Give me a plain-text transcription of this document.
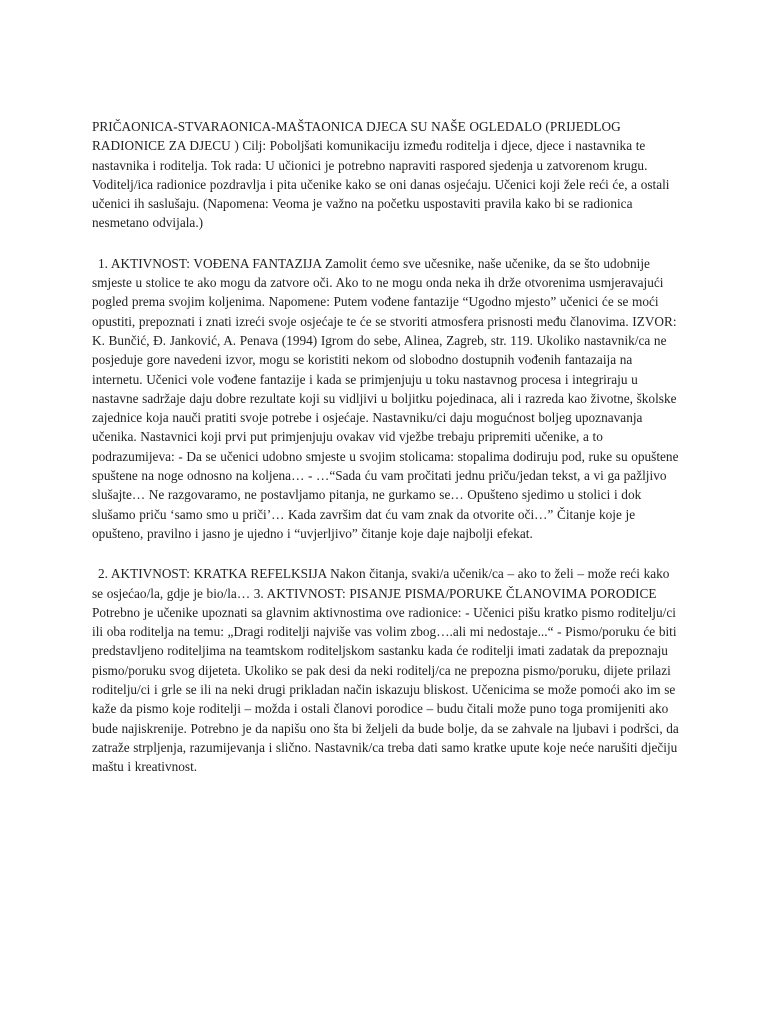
PRIČAONICA-STVARAONICA-MAŠTAONICA DJECA SU NAŠE OGLEDALO (PRIJEDLOG RADIONICE ZA DJECU ) Cilj: Poboljšati komunikaciju između roditelja i djece, djece i nastavnika te nastavnika i roditelja. Tok rada: U učionici je potrebno napraviti raspored sjedenja u zatvorenom krugu. Voditelj/ica radionice pozdravlja i pita učenike kako se oni danas osjećaju. Učenici koji žele reći će, a ostali učenici ih saslušaju. (Napomena: Veoma je važno na početku uspostaviti pravila kako bi se radionica nesmetano odvijala.)

1. AKTIVNOST: VOĐENA FANTAZIJA Zamolit ćemo sve učesnike, naše učenike, da se što udobnije smjeste u stolice te ako mogu da zatvore oči. Ako to ne mogu onda neka ih drže otvorenima usmjeravajući pogled prema svojim koljenima. Napomene: Putem vođene fantazije “Ugodno mjesto” učenici će se moći opustiti, prepoznati i znati izreći svoje osjećaje te će se stvoriti atmosfera prisnosti među članovima. IZVOR: K. Bunčić, Đ. Janković, A. Penava (1994) Igrom do sebe, Alinea, Zagreb, str. 119. Ukoliko nastavnik/ca ne posjeduje gore navedeni izvor, mogu se koristiti nekom od slobodno dostupnih vođenih fantazaija na internetu. Učenici vole vođene fantazije i kada se primjenjuju u toku nastavnog procesa i integriraju u nastavne sadržaje daju dobre rezultate koji su vidljivi u boljitku pojedinaca, ali i razreda kao životne, školske zajednice koja nauči pratiti svoje potrebe i osjećaje. Nastavniku/ci daju mogućnost boljeg upoznavanja učenika. Nastavnici koji prvi put primjenjuju ovakav vid vježbe trebaju pripremiti učenike, a to podrazumijeva: - Da se učenici udobno smjeste u svojim stolicama: stopalima dodiruju pod, ruke su opuštene spuštene na noge odnosno na koljena… - …“Sada ću vam pročitati jednu priču/jedan tekst, a vi ga pažljivo slušajte… Ne razgovaramo, ne postavljamo pitanja, ne gurkamo se… Opušteno sjedimo u stolici i dok slušamo priču ‘samo smo u priči’… Kada završim dat ću vam znak da otvorite oči…” Čitanje koje je opušteno, pravilno i jasno je ujedno i “uvjerljivo” čitanje koje daje najbolji efekat.

2. AKTIVNOST: KRATKA REFELKSIJA Nakon čitanja, svaki/a učenik/ca – ako to želi – može reći kako se osjećao/la, gdje je bio/la… 3. AKTIVNOST: PISANJE PISMA/PORUKE ČLANOVIMA PORODICE Potrebno je učenike upoznati sa glavnim aktivnostima ove radionice: - Učenici pišu kratko pismo roditelju/ci ili oba roditelja na temu: „Dragi roditelji najviše vas volim zbog….ali mi nedostaje...“ - Pismo/poruku će biti predstavljeno roditeljima na teamtskom roditeljskom sastanku kada će roditelji imati zadatak da prepoznaju pismo/poruku svog dijeteta. Ukoliko se pak desi da neki roditelj/ca ne prepozna pismo/poruku, dijete prilazi roditelju/ci i grle se ili na neki drugi prikladan način iskazuju bliskost. Učenicima se može pomoći ako im se kaže da pismo koje roditelji – možda i ostali članovi porodice – budu čitali može puno toga promijeniti ako bude najiskrenije. Potrebno je da napišu ono šta bi željeli da bude bolje, da se zahvale na ljubavi i podršci, da zatraže strpljenja, razumijevanja i slično. Nastavnik/ca treba dati samo kratke upute koje neće narušiti dječiju maštu i kreativnost.
